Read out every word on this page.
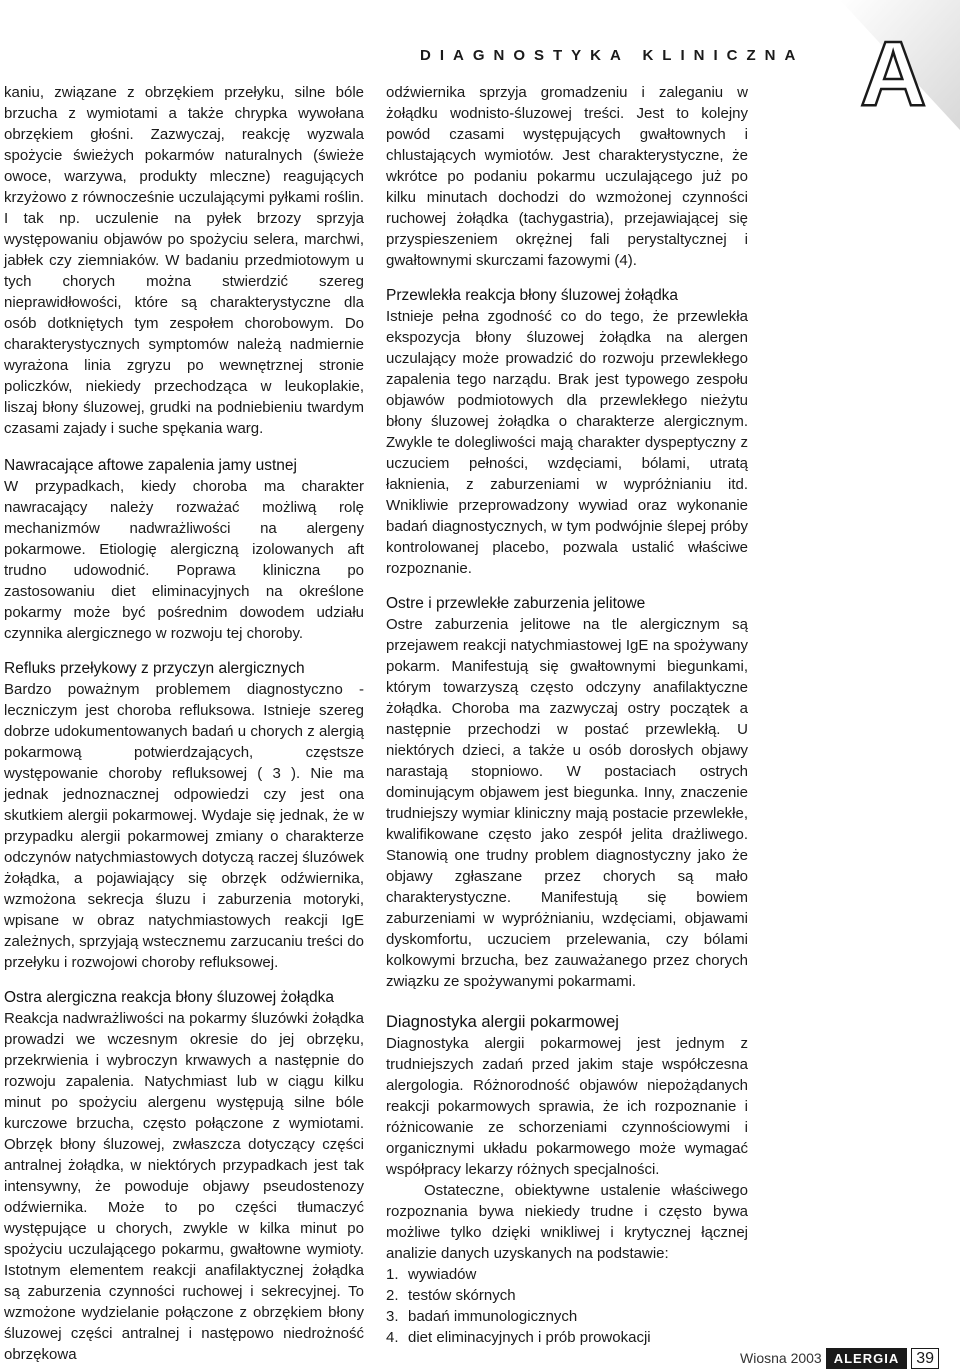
DIAGNOSTYKA KLINICZNA A

kaniu, związane z obrzękiem przełyku, silne bóle brzucha z wymiotami a także chrypka wywołana obrzękiem głośni. Zazwyczaj, reakcję wyzwala spożycie świeżych pokarmów naturalnych (świeże owoce, warzywa, produkty mleczne) reagujących krzyżowo z równocześnie uczulającymi pyłkami roślin. I tak np. uczulenie na pyłek brzozy sprzyja występowaniu objawów po spożyciu selera, marchwi, jabłek czy ziemniaków. W badaniu przedmiotowym u tych chorych można stwierdzić szereg nieprawidłowości, które są charakterystyczne dla osób dotkniętych tym zespołem chorobowym. Do charakterystycznych symptomów należą nadmiernie wyrażona linia zgryzu po wewnętrznej stronie policzków, niekiedy przechodząca w leukoplakie, liszaj błony śluzowej, grudki na podniebieniu twardym czasami zajady i suche spękania warg.

Nawracające aftowe zapalenia jamy ustnej

W przypadkach, kiedy choroba ma charakter nawracający należy rozważać możliwą rolę mechanizmów nadwrażliwości na alergeny pokarmowe. Etiologię alergiczną izolowanych aft trudno udowodnić. Poprawa kliniczna po zastosowaniu diet eliminacyjnych na określone pokarmy może być pośrednim dowodem udziału czynnika alergicznego w rozwoju tej choroby.

Refluks przełykowy z przyczyn alergicznych

Bardzo poważnym problemem diagnostyczno - leczniczym jest choroba refluksowa. Istnieje szereg dobrze udokumentowanych badań u chorych z alergią pokarmową potwierdzających, częstsze występowanie choroby refluksowej ( 3 ). Nie ma jednak jednoznacznej odpowiedzi czy jest ona skutkiem alergii pokarmowej. Wydaje się jednak, że w przypadku alergii pokarmowej zmiany o charakterze odczynów natychmiastowych dotyczą raczej śluzówek żołądka, a pojawiający się obrzęk odźwiernika, wzmożona sekrecja śluzu i zaburzenia motoryki, wpisane w obraz natychmiastowych reakcji IgE zależnych, sprzyjają wstecznemu zarzucaniu treści do przełyku i rozwojowi choroby refluksowej.

Ostra alergiczna reakcja błony śluzowej żołądka

Reakcja nadwrażliwości na pokarmy śluzówki żołądka prowadzi we wczesnym okresie do jej obrzęku, przekrwienia i wybroczyn krwawych a następnie do rozwoju zapalenia. Natychmiast lub w ciągu kilku minut po spożyciu alergenu występują silne bóle kurczowe brzucha, często połączone z wymiotami. Obrzęk błony śluzowej, zwłaszcza dotyczący części antralnej żołądka, w niektórych przypadkach jest tak intensywny, że powoduje objawy pseudostenozy odźwiernika. Może to po części tłumaczyć występujące u chorych, zwykle w kilka minut po spożyciu uczulającego pokarmu, gwałtowne wymioty. Istotnym elementem reakcji anafilaktycznej żołądka są zaburzenia czynności ruchowej i sekrecyjnej. To wzmożone wydzielanie połączone z obrzękiem błony śluzowej części antralnej i następowo niedrożność obrzękowa

odźwiernika sprzyja gromadzeniu i zaleganiu w żołądku wodnisto-śluzowej treści. Jest to kolejny powód czasami występujących gwałtownych i chlustających wymiotów. Jest charakterystyczne, że wkrótce po podaniu pokarmu uczulającego już po kilku minutach dochodzi do wzmożonej czynności ruchowej żołądka (tachygastria), przejawiającej się przyspieszeniem okrężnej fali perystaltycznej i gwałtownymi skurczami fazowymi (4).

Przewlekła reakcja błony śluzowej żołądka

Istnieje pełna zgodność co do tego, że przewlekła ekspozycja błony śluzowej żołądka na alergen uczulający może prowadzić do rozwoju przewlekłego zapalenia tego narządu. Brak jest typowego zespołu objawów podmiotowych dla przewlekłego nieżytu błony śluzowej żołądka o charakterze alergicznym. Zwykle te dolegliwości mają charakter dyspeptyczny z uczuciem pełności, wzdęciami, bólami, utratą łaknienia, z zaburzeniami w wypróżnianiu itd. Wnikliwie przeprowadzony wywiad oraz wykonanie badań diagnostycznych, w tym podwójnie ślepej próby kontrolowanej placebo, pozwala ustalić właściwe rozpoznanie.

Ostre i przewlekłe zaburzenia jelitowe

Ostre zaburzenia jelitowe na tle alergicznym są przejawem reakcji natychmiastowej IgE na spożywany pokarm. Manifestują się gwałtownymi biegunkami, którym towarzyszą często odczyny anafilaktyczne żołądka. Choroba ma zazwyczaj ostry początek a następnie przechodzi w postać przewlekłą. U niektórych dzieci, a także u osób dorosłych objawy narastają stopniowo. W postaciach ostrych dominującym objawem jest biegunka. Inny, znaczenie trudniejszy wymiar kliniczny mają postacie przewlekłe, kwalifikowane często jako zespół jelita drażliwego. Stanowią one trudny problem diagnostyczny jako że objawy zgłaszane przez chorych są mało charakterystyczne. Manifestują się bowiem zaburzeniami w wypróżnianiu, wzdęciami, objawami dyskomfortu, uczuciem przelewania, czy bólami kolkowymi brzucha, bez zauważanego przez chorych związku ze spożywanymi pokarmami.

Diagnostyka alergii pokarmowej

Diagnostyka alergii pokarmowej jest jednym z trudniejszych zadań przed jakim staje współczesna alergologia. Różnorodność objawów niepożądanych reakcji pokarmowych sprawia, że ich rozpoznanie i różnicowanie ze schorzeniami czynnościowymi i organicznymi układu pokarmowego może wymagać współpracy lekarzy różnych specjalności.

Ostateczne, obiektywne ustalenie właściwego rozpoznania bywa niekiedy trudne i często bywa możliwe tylko dzięki wnikliwej i krytycznej łącznej analizie danych uzyskanych na podstawie:

1. wywiadów
2. testów skórnych
3. badań immunologicznych
4. diet eliminacyjnych i prób prowokacji
Wiosna 2003 ALERGIA	39
